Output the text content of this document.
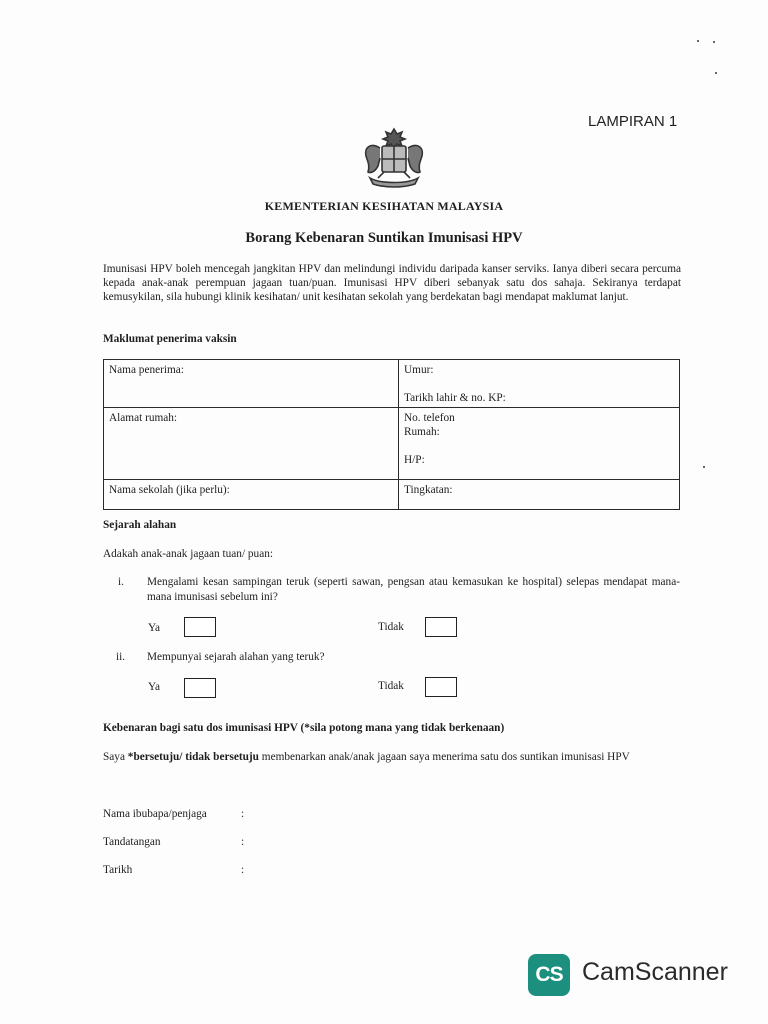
LAMPIRAN 1
KEMENTERIAN KESIHATAN MALAYSIA
Borang Kebenaran Suntikan Imunisasi HPV
Imunisasi HPV boleh mencegah jangkitan HPV dan melindungi individu daripada kanser serviks. Ianya diberi secara percuma kepada anak-anak perempuan jagaan tuan/puan. Imunisasi HPV diberi sebanyak satu dos sahaja. Sekiranya terdapat kemusykilan, sila hubungi klinik kesihatan/ unit kesihatan sekolah yang berdekatan bagi mendapat maklumat lanjut.
Maklumat penerima vaksin
Nama penerima:	Umur:
Tarikh lahir & no. KP:

Alamat rumah:	No. telefon
Rumah:
H/P:

Nama sekolah (jika perlu):	Tingkatan:
Sejarah alahan
Adakah anak-anak jagaan tuan/ puan:
i. Mengalami kesan sampingan teruk (seperti sawan, pengsan atau kemasukan ke hospital) selepas mendapat mana-mana imunisasi sebelum ini?
Ya	Tidak
ii. Mempunyai sejarah alahan yang teruk?
Ya	Tidak
Kebenaran bagi satu dos imunisasi HPV (*sila potong mana yang tidak berkenaan)
Saya *bersetuju/ tidak bersetuju membenarkan anak/anak jagaan saya menerima satu dos suntikan imunisasi HPV
Nama ibubapa/penjaga	:
Tandatangan	:
Tarikh	:
CS CamScanner
